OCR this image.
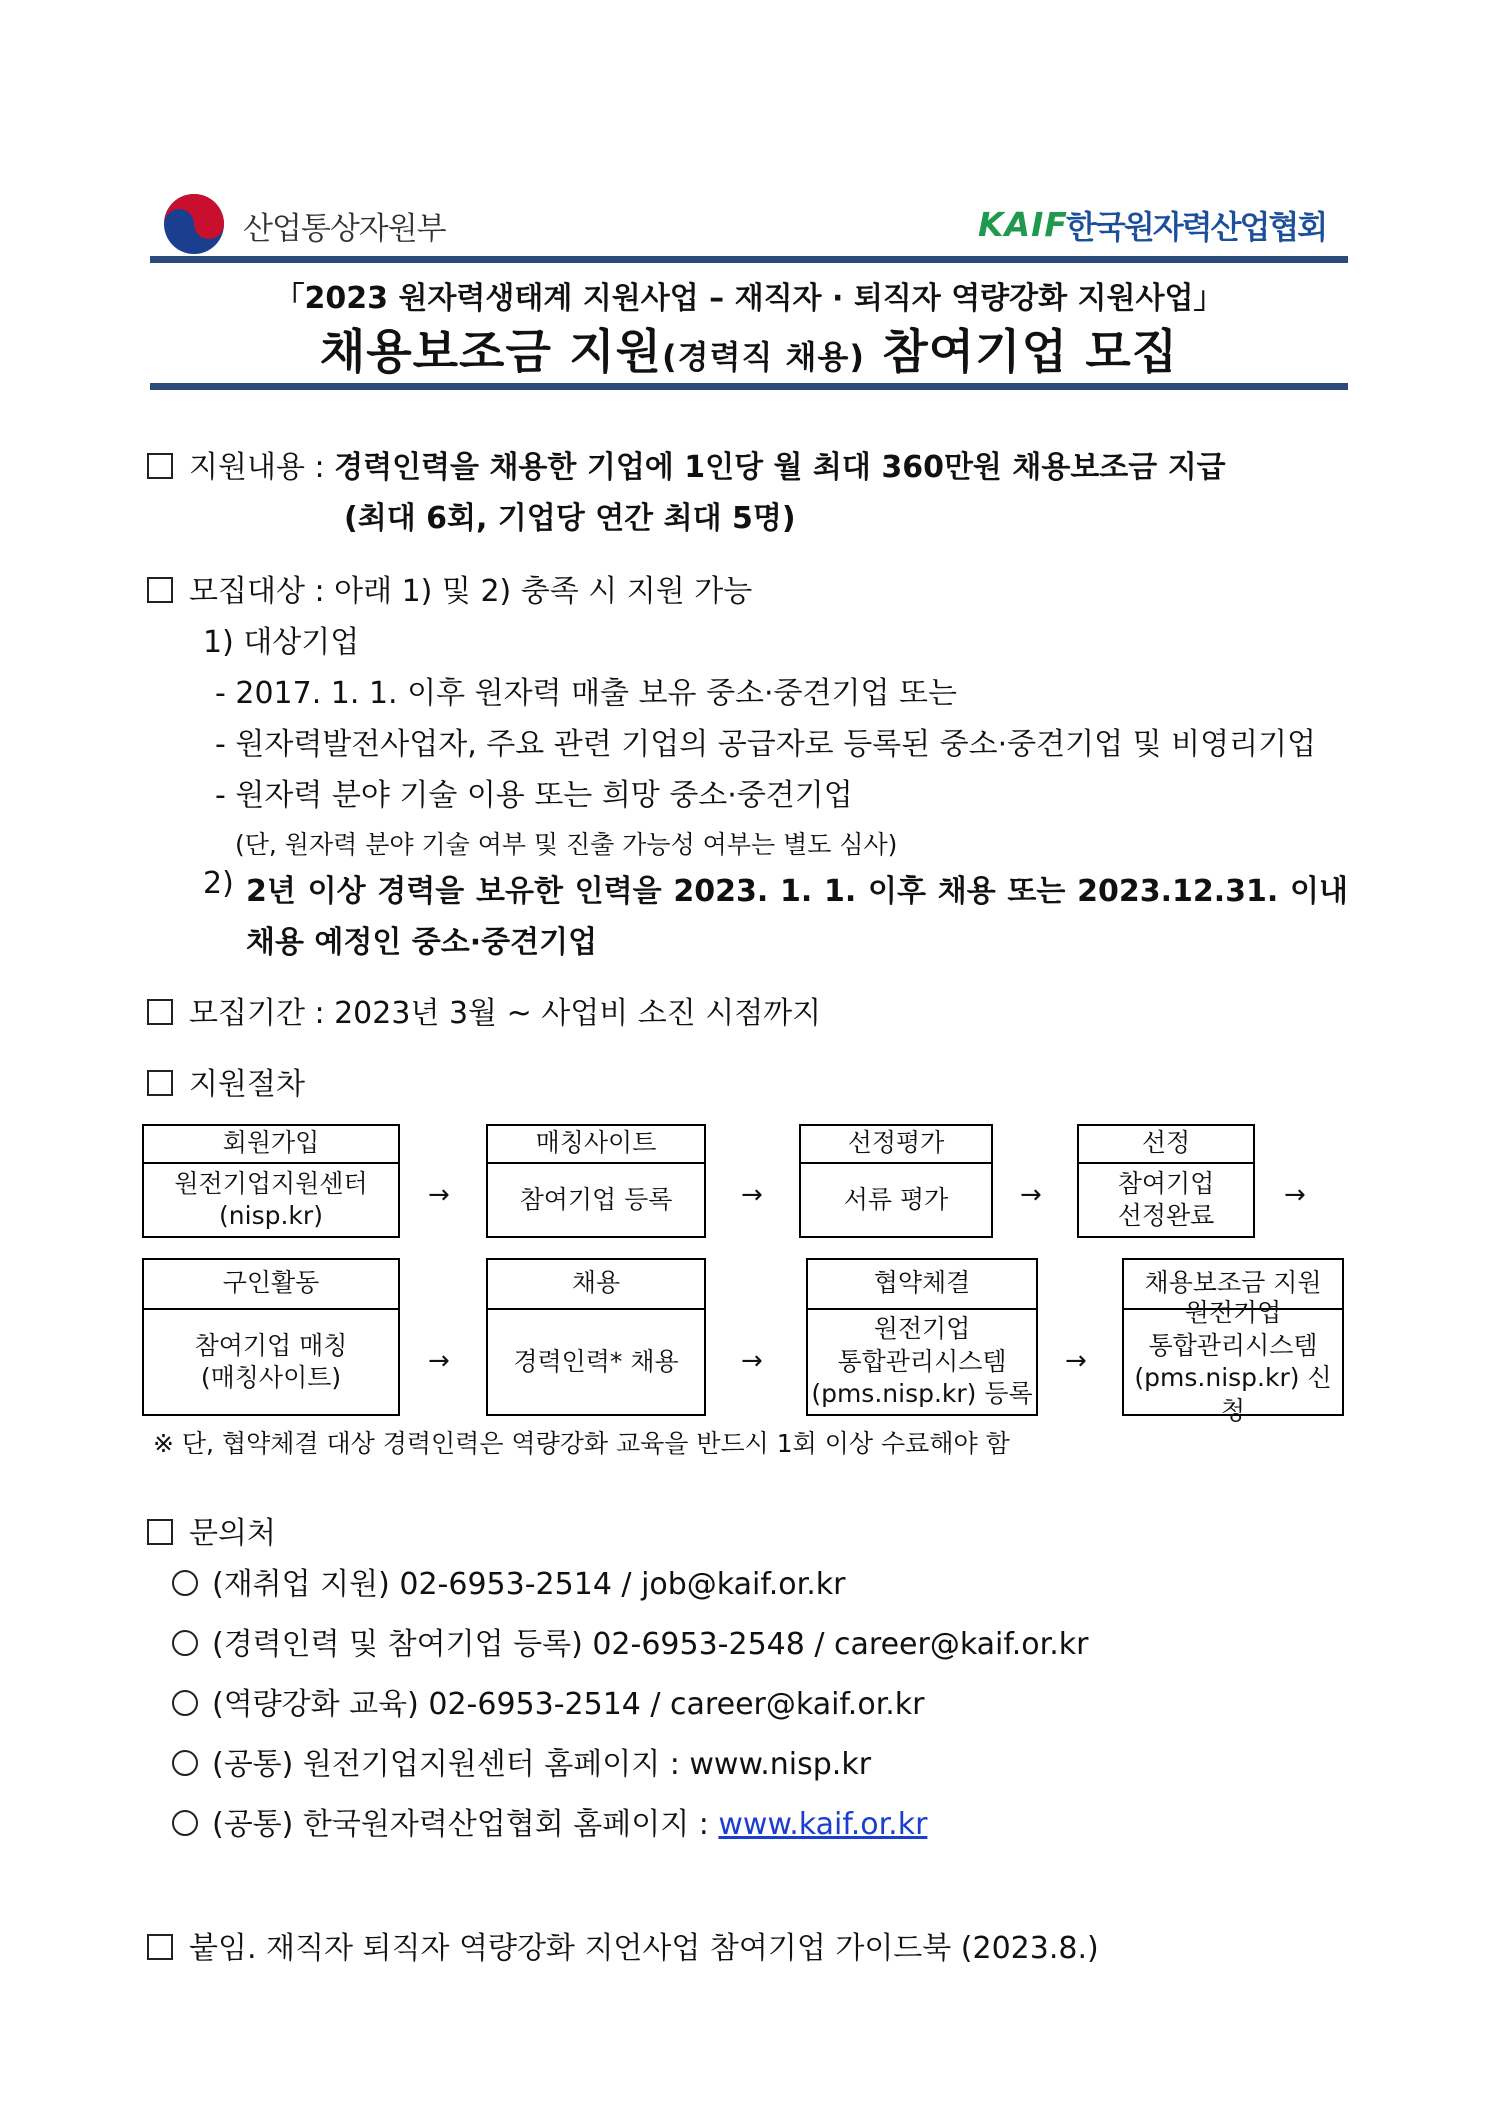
산업통상자원부	KAIF
한국원자력산업협회
「2023 원자력생태계 지원사업 – 재직자 · 퇴직자 역량강화 지원사업」
채용보조금 지원(경력직 채용) 참여기업 모집
지원내용 : 경력인력을 채용한 기업에 1인당 월 최대 360만원 채용보조금 지급
(최대 6회, 기업당 연간 최대 5명)
모집대상 : 아래 1) 및 2) 충족 시 지원 가능
1) 대상기업
- 2017. 1. 1. 이후 원자력 매출 보유 중소·중견기업 또는
- 원자력발전사업자, 주요 관련 기업의 공급자로 등록된 중소·중견기업 및 비영리기업
- 원자력 분야 기술 이용 또는 희망 중소·중견기업
(단, 원자력 분야 기술 여부 및 진출 가능성 여부는 별도 심사)
2) 2년 이상 경력을 보유한 인력을 2023. 1. 1. 이후 채용 또는 2023.12.31. 이내
채용 예정인 중소·중견기업
모집기간 : 2023년 3월 ~ 사업비 소진 시점까지
지원절차
회원가입
원전기업지원센터
(nisp.kr)
→
매칭사이트
참여기업 등록	→
선정평가
서류 평가	→
선정
참여기업
선정완료
→
구인활동
참여기업 매칭
(매칭사이트)
→
채용
경력인력* 채용 →
협약체결
원전기업
통합관리시스템
(pms.nisp.kr) 등록
→
채용보조금 지원
원전기업
통합관리시스템
(pms.nisp.kr) 신청
※ 단, 협약체결 대상 경력인력은 역량강화 교육을 반드시 1회 이상 수료해야 함
문의처
(재취업 지원) 02-6953-2514 / job@kaif.or.kr
(경력인력 및 참여기업 등록) 02-6953-2548 / career@kaif.or.kr
(역량강화 교육) 02-6953-2514 / career@kaif.or.kr
(공통) 원전기업지원센터 홈페이지 : www.nisp.kr
(공통) 한국원자력산업협회 홈페이지 : www.kaif.or.kr
붙임. 재직자 퇴직자 역량강화 지언사업 참여기업 가이드북 (2023.8.)
